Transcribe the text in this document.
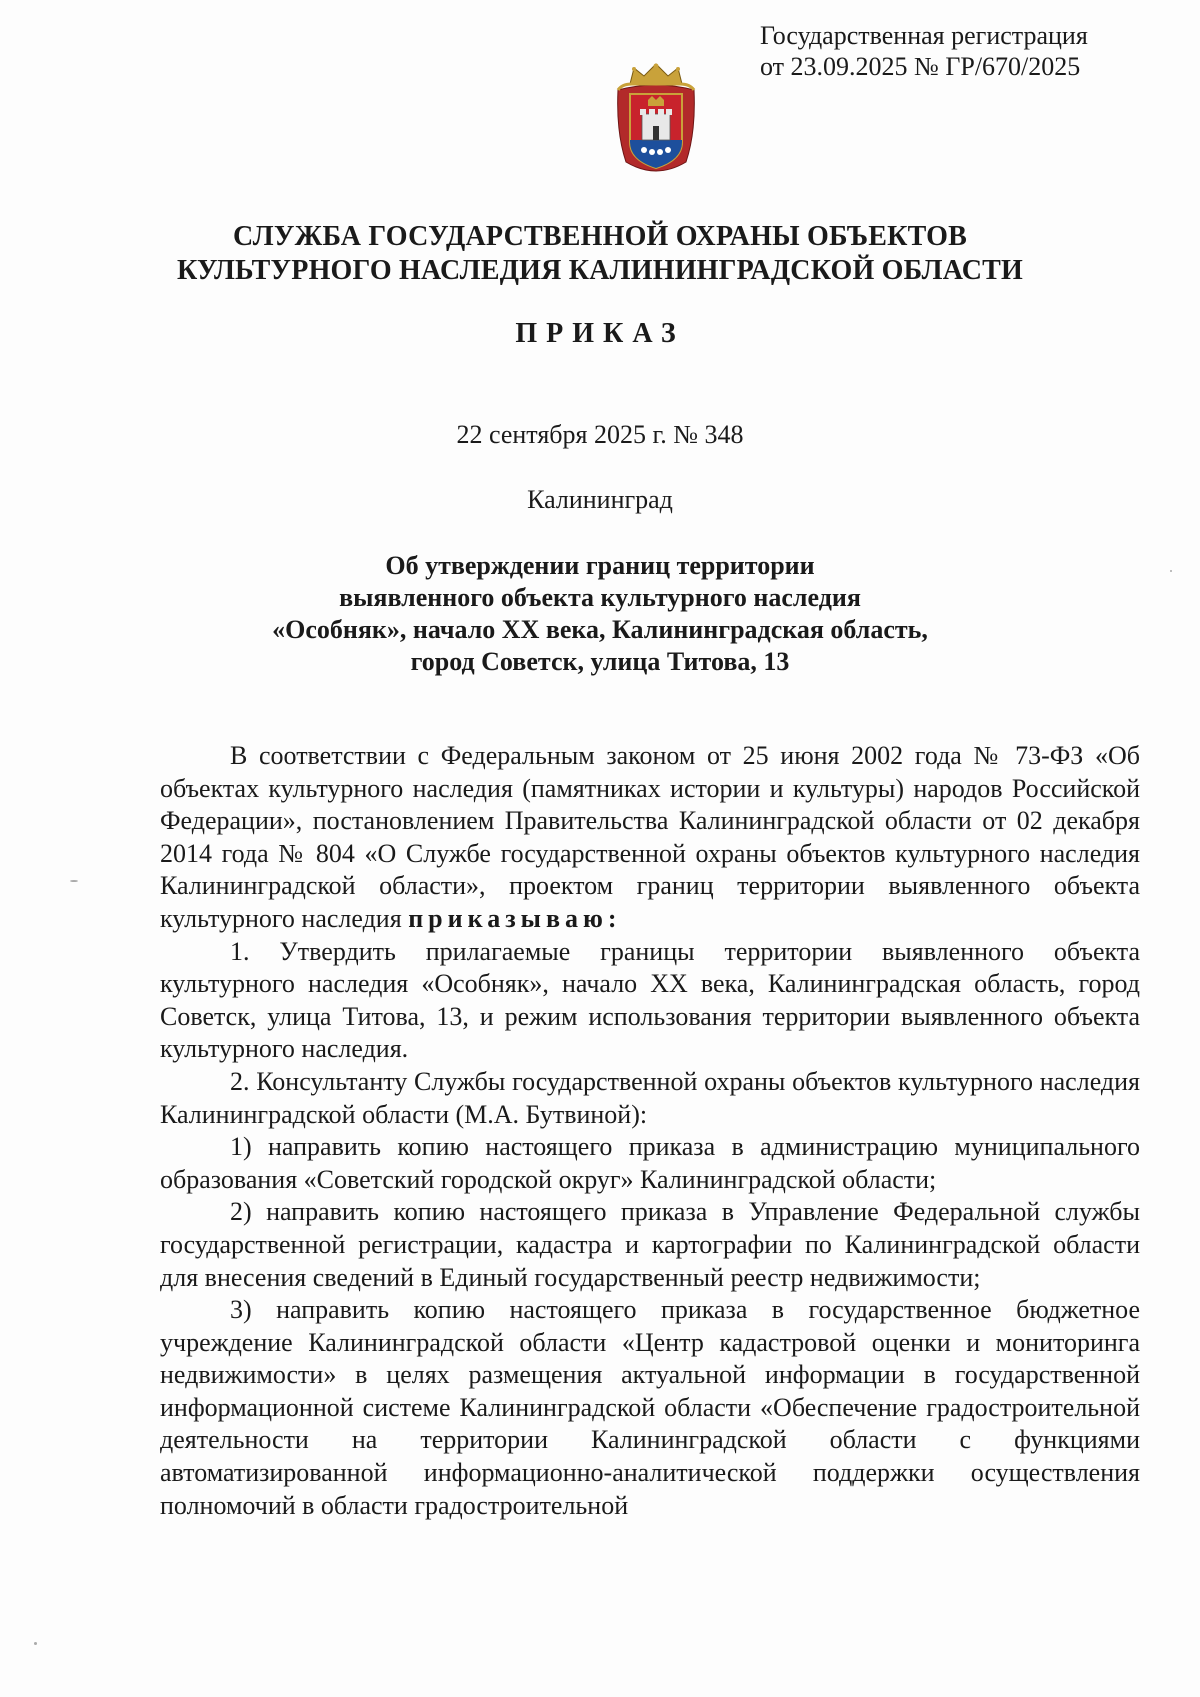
Государственная регистрация
от 23.09.2025 № ГР/670/2025
СЛУЖБА ГОСУДАРСТВЕННОЙ ОХРАНЫ ОБЪЕКТОВ
КУЛЬТУРНОГО НАСЛЕДИЯ КАЛИНИНГРАДСКОЙ ОБЛАСТИ
ПРИКАЗ
22 сентября 2025 г. № 348
Калининград
Об утверждении границ территории
выявленного объекта культурного наследия
«Особняк», начало XX века, Калининградская область,
город Советск, улица Титова, 13

В соответствии с Федеральным законом от 25 июня 2002 года № 73-ФЗ «Об объектах культурного наследия (памятниках истории и культуры) народов Российской Федерации», постановлением Правительства Калининградской области от 02 декабря 2014 года № 804 «О Службе государственной охраны объектов культурного наследия Калининградской области», проектом границ территории выявленного объекта культурного наследия приказываю:

1. Утвердить прилагаемые границы территории выявленного объекта культурного наследия «Особняк», начало XX века, Калининградская область, город Советск, улица Титова, 13, и режим использования территории выявленного объекта культурного наследия.

2. Консультанту Службы государственной охраны объектов культурного наследия Калининградской области (М.А. Бутвиной):

1) направить копию настоящего приказа в администрацию муниципального образования «Советский городской округ» Калининградской области;

2) направить копию настоящего приказа в Управление Федеральной службы государственной регистрации, кадастра и картографии по Калининградской области для внесения сведений в Единый государственный реестр недвижимости;

3) направить копию настоящего приказа в государственное бюджетное учреждение Калининградской области «Центр кадастровой оценки и мониторинга недвижимости» в целях размещения актуальной информации в государственной информационной системе Калининградской области «Обеспечение градостроительной деятельности на территории Калининградской области с функциями автоматизированной информационно-аналитической поддержки осуществления полномочий в области градостроительной
